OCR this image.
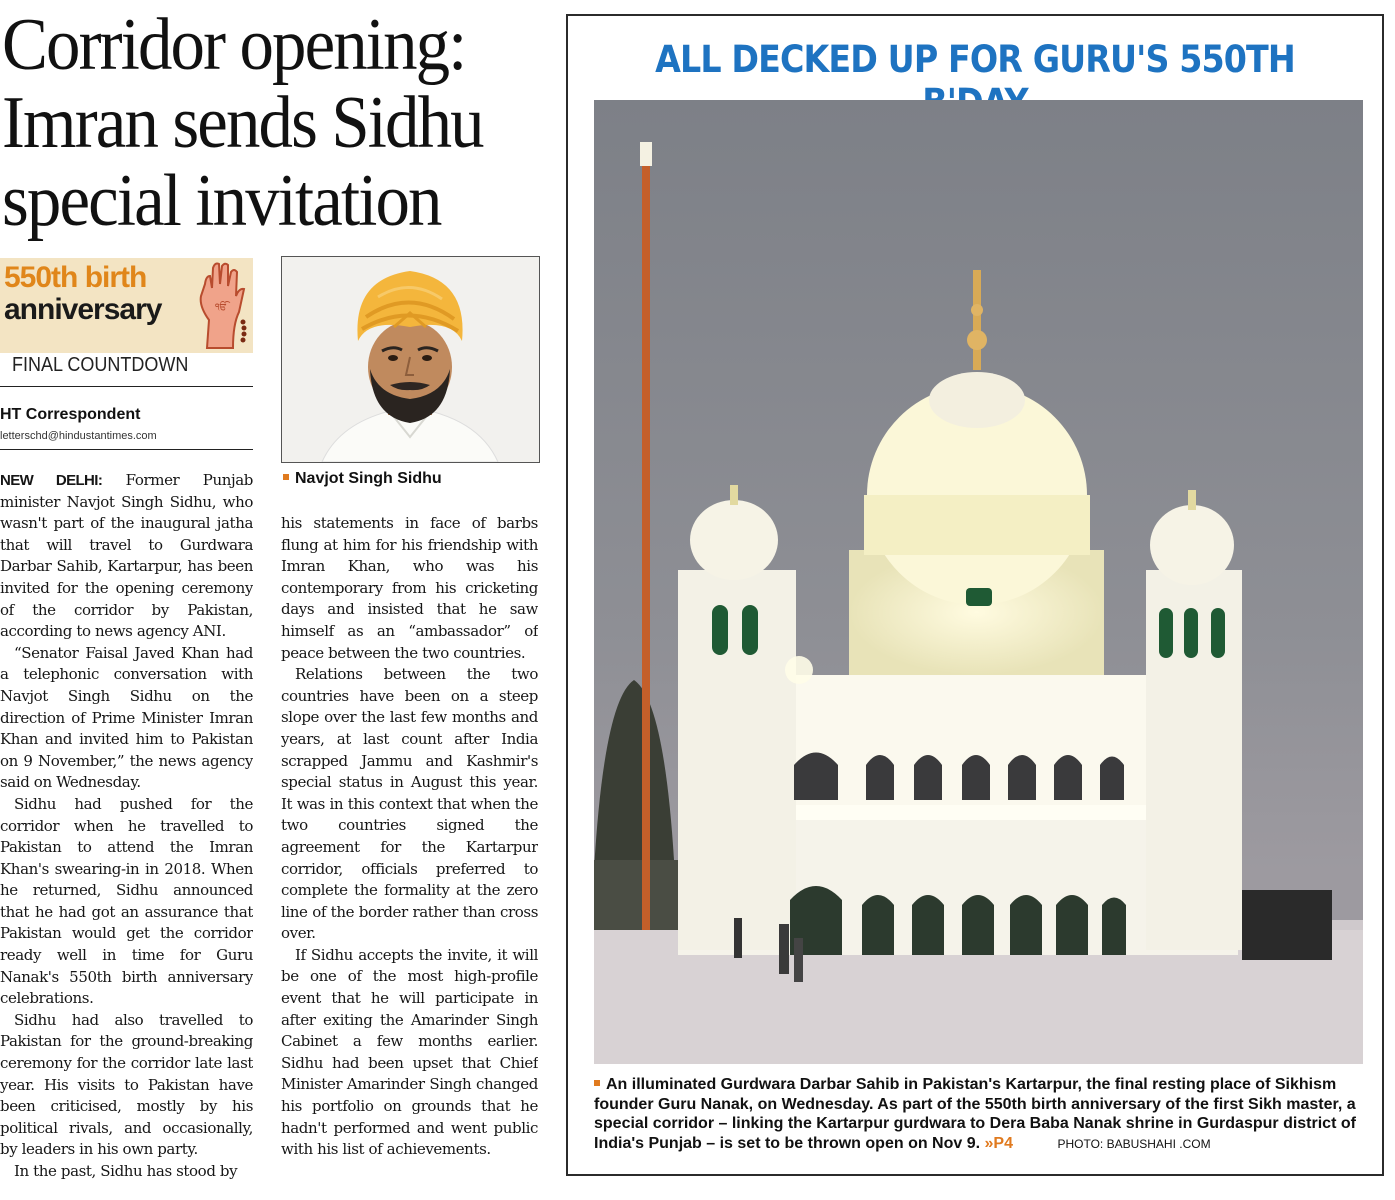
Corridor opening: Imran sends Sidhu special invitation
550th birth
anniversary	ੴ
FINAL COUNTDOWN
HT Correspondent
letterschd@hindustantimes.com
Navjot Singh Sidhu

NEW DELHI: Former Punjab minister Navjot Singh Sidhu, who wasn't part of the inaugural jatha that will travel to Gurdwara Darbar Sahib, Kartarpur, has been invited for the opening ceremony of the corridor by Pakistan, according to news agency ANI.

“Senator Faisal Javed Khan had a telephonic conversation with Navjot Singh Sidhu on the direction of Prime Minister Imran Khan and invited him to Pakistan on 9 November,” the news agency said on Wednesday.

Sidhu had pushed for the corridor when he travelled to Pakistan to attend the Imran Khan's swearing-in in 2018. When he returned, Sidhu announced that he had got an assurance that Pakistan would get the corridor ready well in time for Guru Nanak's 550th birth anniversary celebrations.

Sidhu had also travelled to Pakistan for the ground-breaking ceremony for the corridor late last year. His visits to Pakistan have been criticised, mostly by his political rivals, and occasionally, by leaders in his own party.

In the past, Sidhu has stood by

his statements in face of barbs flung at him for his friendship with Imran Khan, who was his contemporary from his cricketing days and insisted that he saw himself as an “ambassador” of peace between the two countries.

Relations between the two countries have been on a steep slope over the last few months and years, at last count after India scrapped Jammu and Kashmir's special status in August this year. It was in this context that when the two countries signed the agreement for the Kartarpur corridor, officials preferred to complete the formality at the zero line of the border rather than cross over.

If Sidhu accepts the invite, it will be one of the most high-profile event that he will participate in after exiting the Amarinder Singh Cabinet a few months earlier. Sidhu had been upset that Chief Minister Amarinder Singh changed his portfolio on grounds that he hadn't performed and went public with his list of achievements.

ALL DECKED UP FOR GURU'S 550TH
An illuminated Gurdwara Darbar Sahib in Pakistan's Kartarpur, the final resting place of Sikhism founder Guru Nanak, on Wednesday. As part of the 550th birth anniversary of the first Sikh master, a special corridor – linking the Kartarpur gurdwara to Dera Baba Nanak shrine in Gurdaspur district of India's Punjab – is set to be thrown open on Nov 9. »P4	PHOTO: BABUSHAHI .COM
